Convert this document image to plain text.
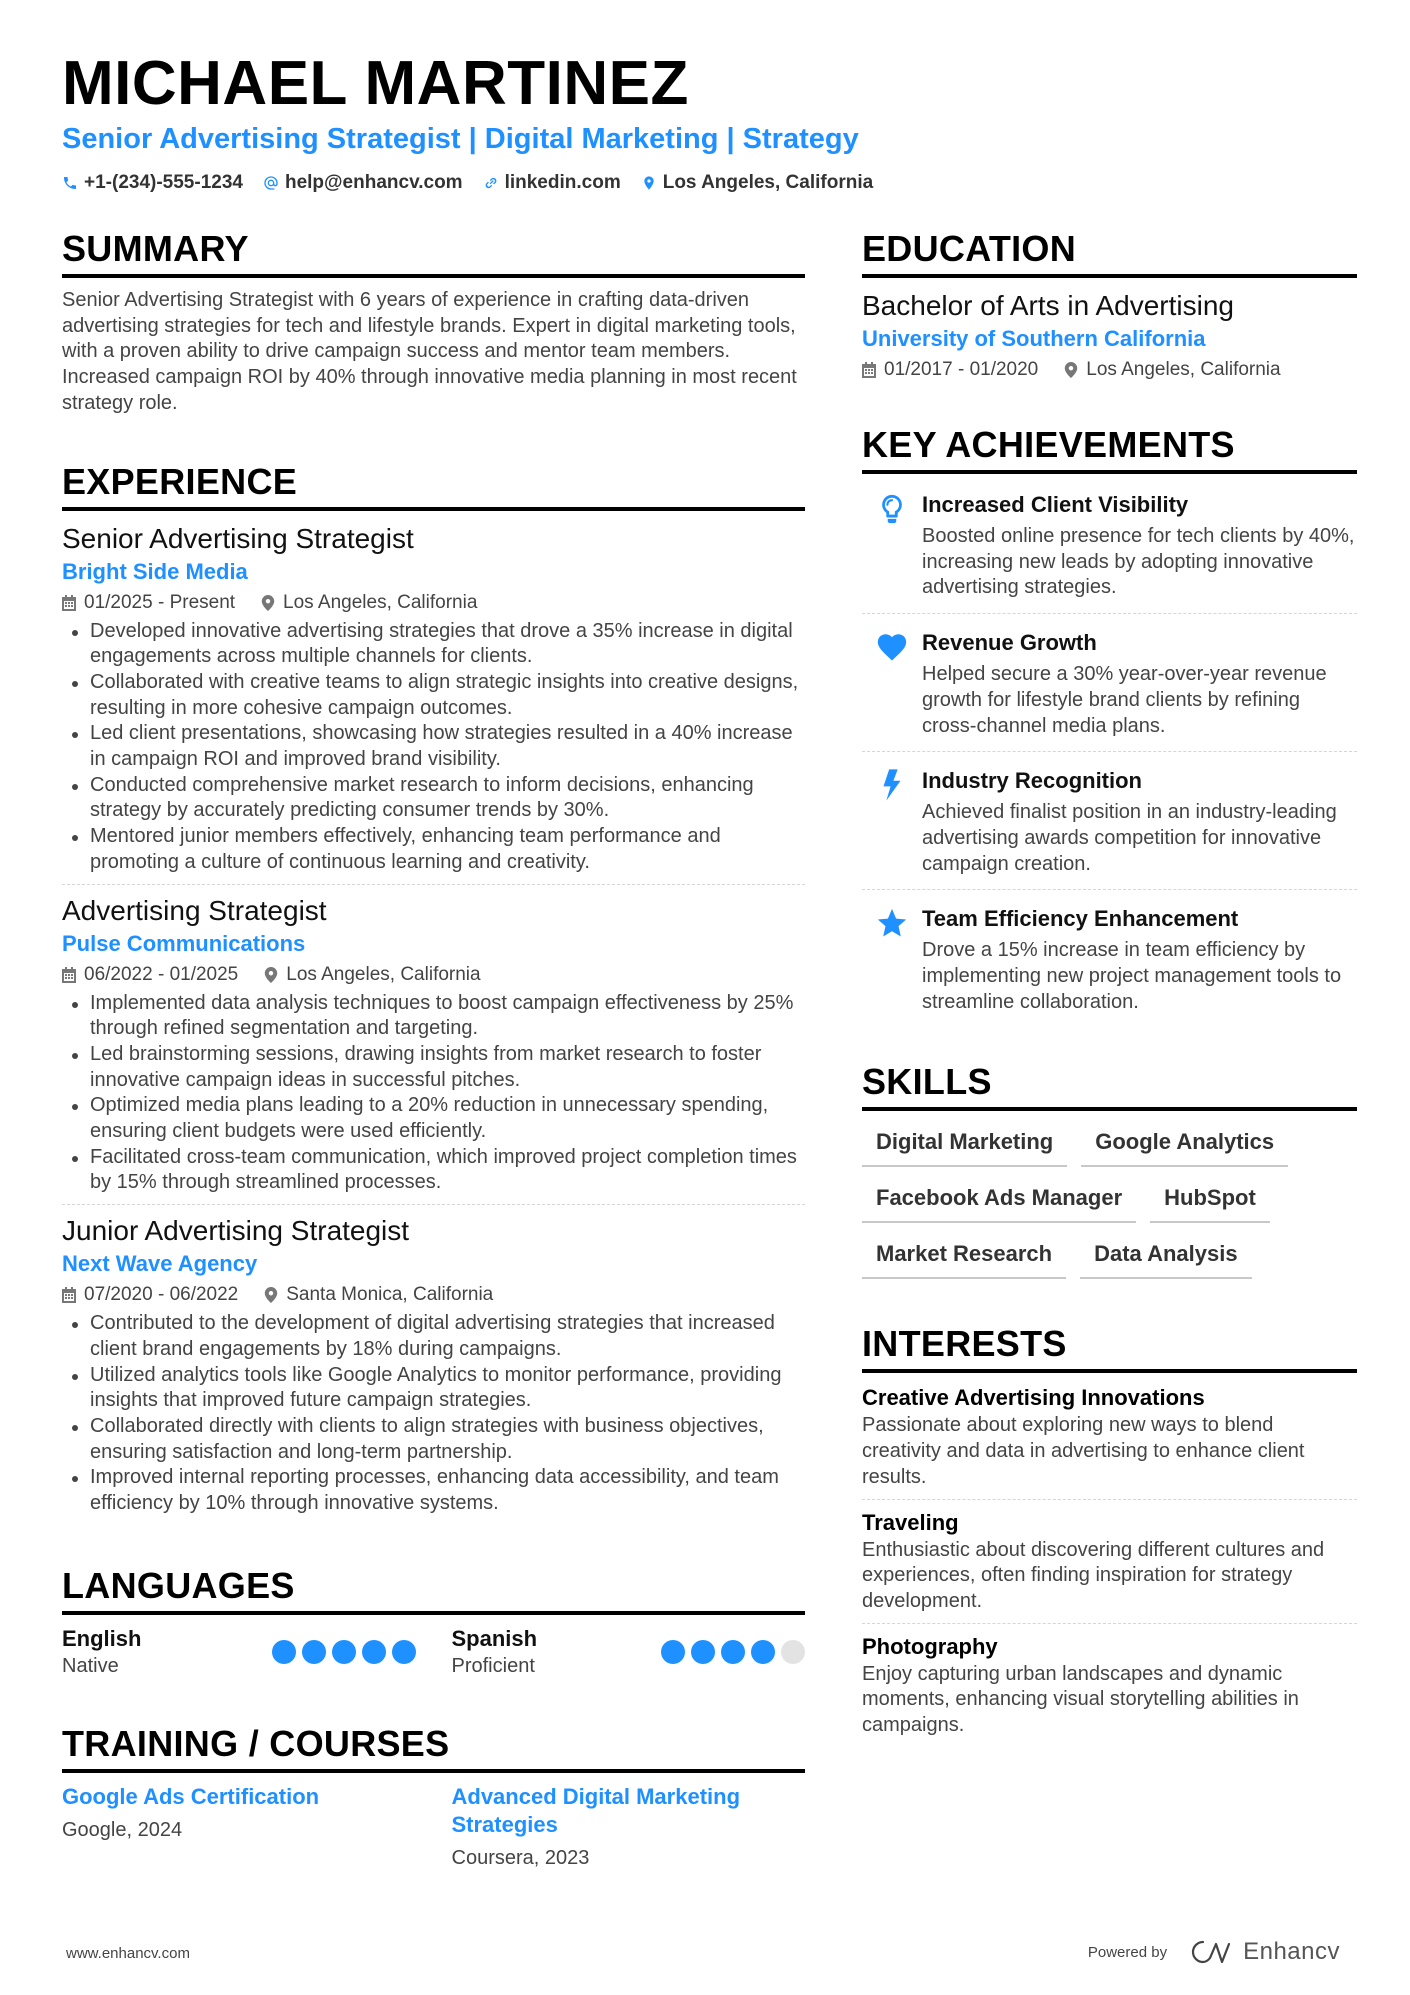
MICHAEL MARTINEZ
Senior Advertising Strategist | Digital Marketing | Strategy
+1-(234)-555-1234 help@enhancv.com linkedin.com Los Angeles, California
SUMMARY
Senior Advertising Strategist with 6 years of experience in crafting data-driven advertising strategies for tech and lifestyle brands. Expert in digital marketing tools, with a proven ability to drive campaign success and mentor team members. Increased campaign ROI by 40% through innovative media planning in most recent strategy role.
EXPERIENCE
Senior Advertising Strategist
Bright Side Media
01/2025 - Present	Los Angeles, California
Developed innovative advertising strategies that drove a 35% increase in digital engagements across multiple channels for clients.
Collaborated with creative teams to align strategic insights into creative designs, resulting in more cohesive campaign outcomes.
Led client presentations, showcasing how strategies resulted in a 40% increase in campaign ROI and improved brand visibility.
Conducted comprehensive market research to inform decisions, enhancing strategy by accurately predicting consumer trends by 30%.
Mentored junior members effectively, enhancing team performance and promoting a culture of continuous learning and creativity.
Advertising Strategist
Pulse Communications
06/2022 - 01/2025	Los Angeles, California
Implemented data analysis techniques to boost campaign effectiveness by 25% through refined segmentation and targeting.
Led brainstorming sessions, drawing insights from market research to foster innovative campaign ideas in successful pitches.
Optimized media plans leading to a 20% reduction in unnecessary spending, ensuring client budgets were used efficiently.
Facilitated cross-team communication, which improved project completion times by 15% through streamlined processes.
Junior Advertising Strategist
Next Wave Agency
07/2020 - 06/2022	Santa Monica, California
Contributed to the development of digital advertising strategies that increased client brand engagements by 18% during campaigns.
Utilized analytics tools like Google Analytics to monitor performance, providing insights that improved future campaign strategies.
Collaborated directly with clients to align strategies with business objectives, ensuring satisfaction and long-term partnership.
Improved internal reporting processes, enhancing data accessibility, and team efficiency by 10% through innovative systems.
LANGUAGES
English
Native
Spanish
Proficient
TRAINING / COURSES
Google Ads Certification
Google, 2024
Advanced Digital Marketing Strategies
Coursera, 2023
EDUCATION
Bachelor of Arts in Advertising
University of Southern California
01/2017 - 01/2020	Los Angeles, California
KEY ACHIEVEMENTS
Increased Client Visibility
Boosted online presence for tech clients by 40%, increasing new leads by adopting innovative advertising strategies.
Revenue Growth
Helped secure a 30% year-over-year revenue growth for lifestyle brand clients by refining cross-channel media plans.
Industry Recognition
Achieved finalist position in an industry-leading advertising awards competition for innovative campaign creation.
Team Efficiency Enhancement
Drove a 15% increase in team efficiency by implementing new project management tools to streamline collaboration.
SKILLS
Digital Marketing	Google Analytics
Facebook Ads Manager	HubSpot
Market Research	Data Analysis
INTERESTS
Creative Advertising Innovations
Passionate about exploring new ways to blend creativity and data in advertising to enhance client results.
Traveling
Enthusiastic about discovering different cultures and experiences, often finding inspiration for strategy development.
Photography
Enjoy capturing urban landscapes and dynamic moments, enhancing visual storytelling abilities in campaigns.
www.enhancv.com	Powered by	Enhancv
